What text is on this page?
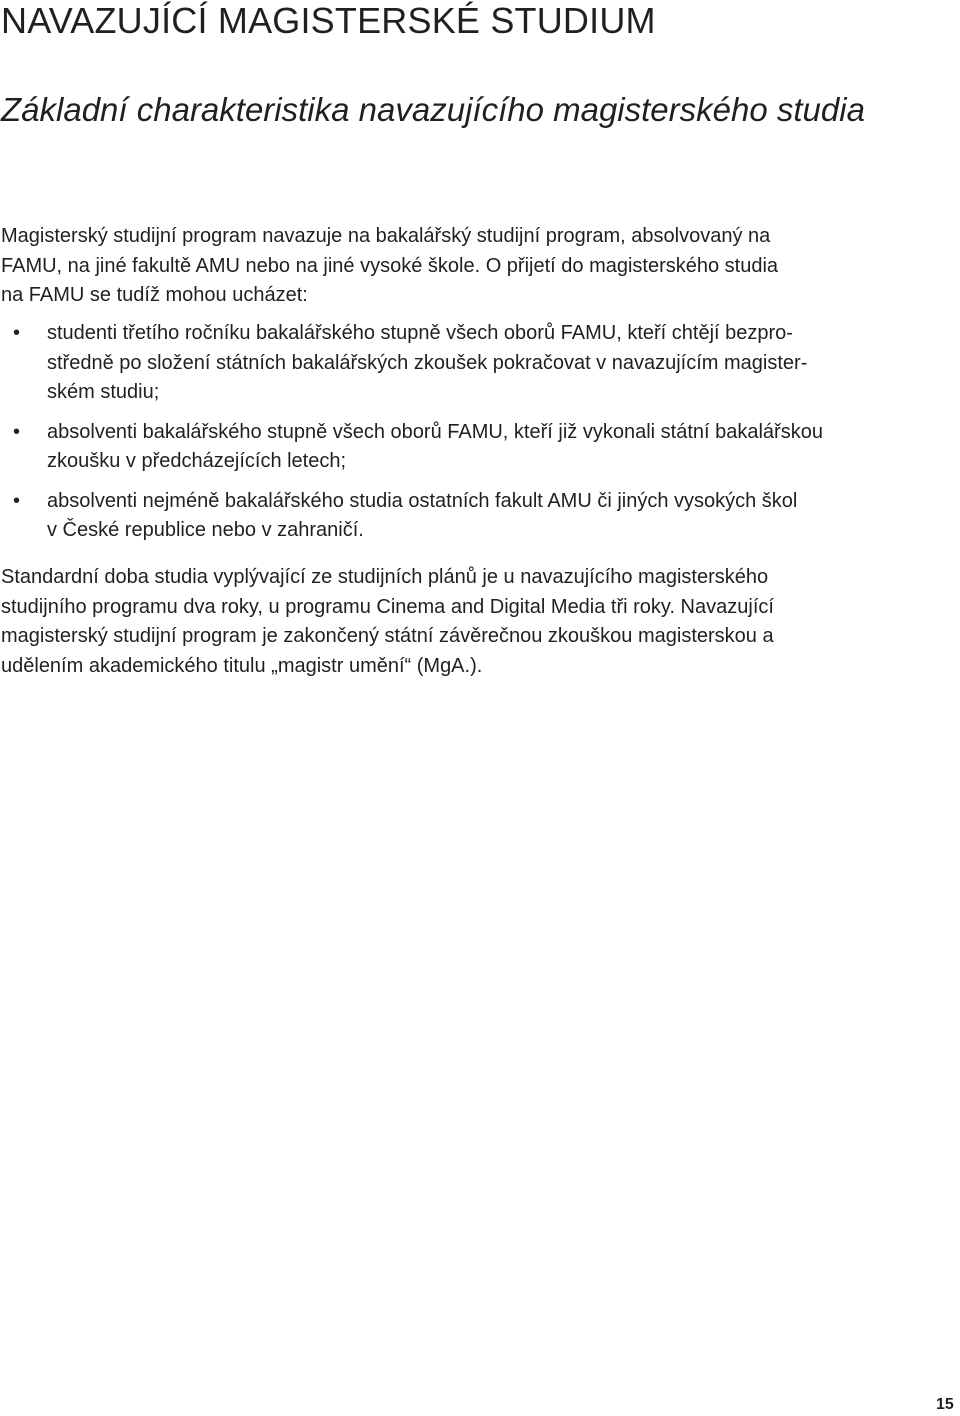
NAVAZUJÍCÍ MAGISTERSKÉ STUDIUM
Základní charakteristika navazujícího magisterského studia

Magisterský studijní program navazuje na bakalářský studijní program, absolvovaný na
FAMU, na jiné fakultě AMU nebo na jiné vysoké škole. O přijetí do magisterského studia
na FAMU se tudíž mohou ucházet:

• studenti třetího ročníku bakalářského stupně všech oborů FAMU, kteří chtějí bezpro-
středně po složení státních bakalářských zkoušek pokračovat v navazujícím magister-
ském studiu;
• absolventi bakalářského stupně všech oborů FAMU, kteří již vykonali státní bakalářskou
zkoušku v předcházejících letech;
• absolventi nejméně bakalářského studia ostatních fakult AMU či jiných vysokých škol
v České republice nebo v zahraničí.

Standardní doba studia vyplývající ze studijních plánů je u navazujícího magisterského
studijního programu dva roky, u programu Cinema and Digital Media tři roky. Navazující
magisterský studijní program je zakončený státní závěrečnou zkouškou magisterskou a
udělením akademického titulu „magistr umění“ (MgA.).

15
